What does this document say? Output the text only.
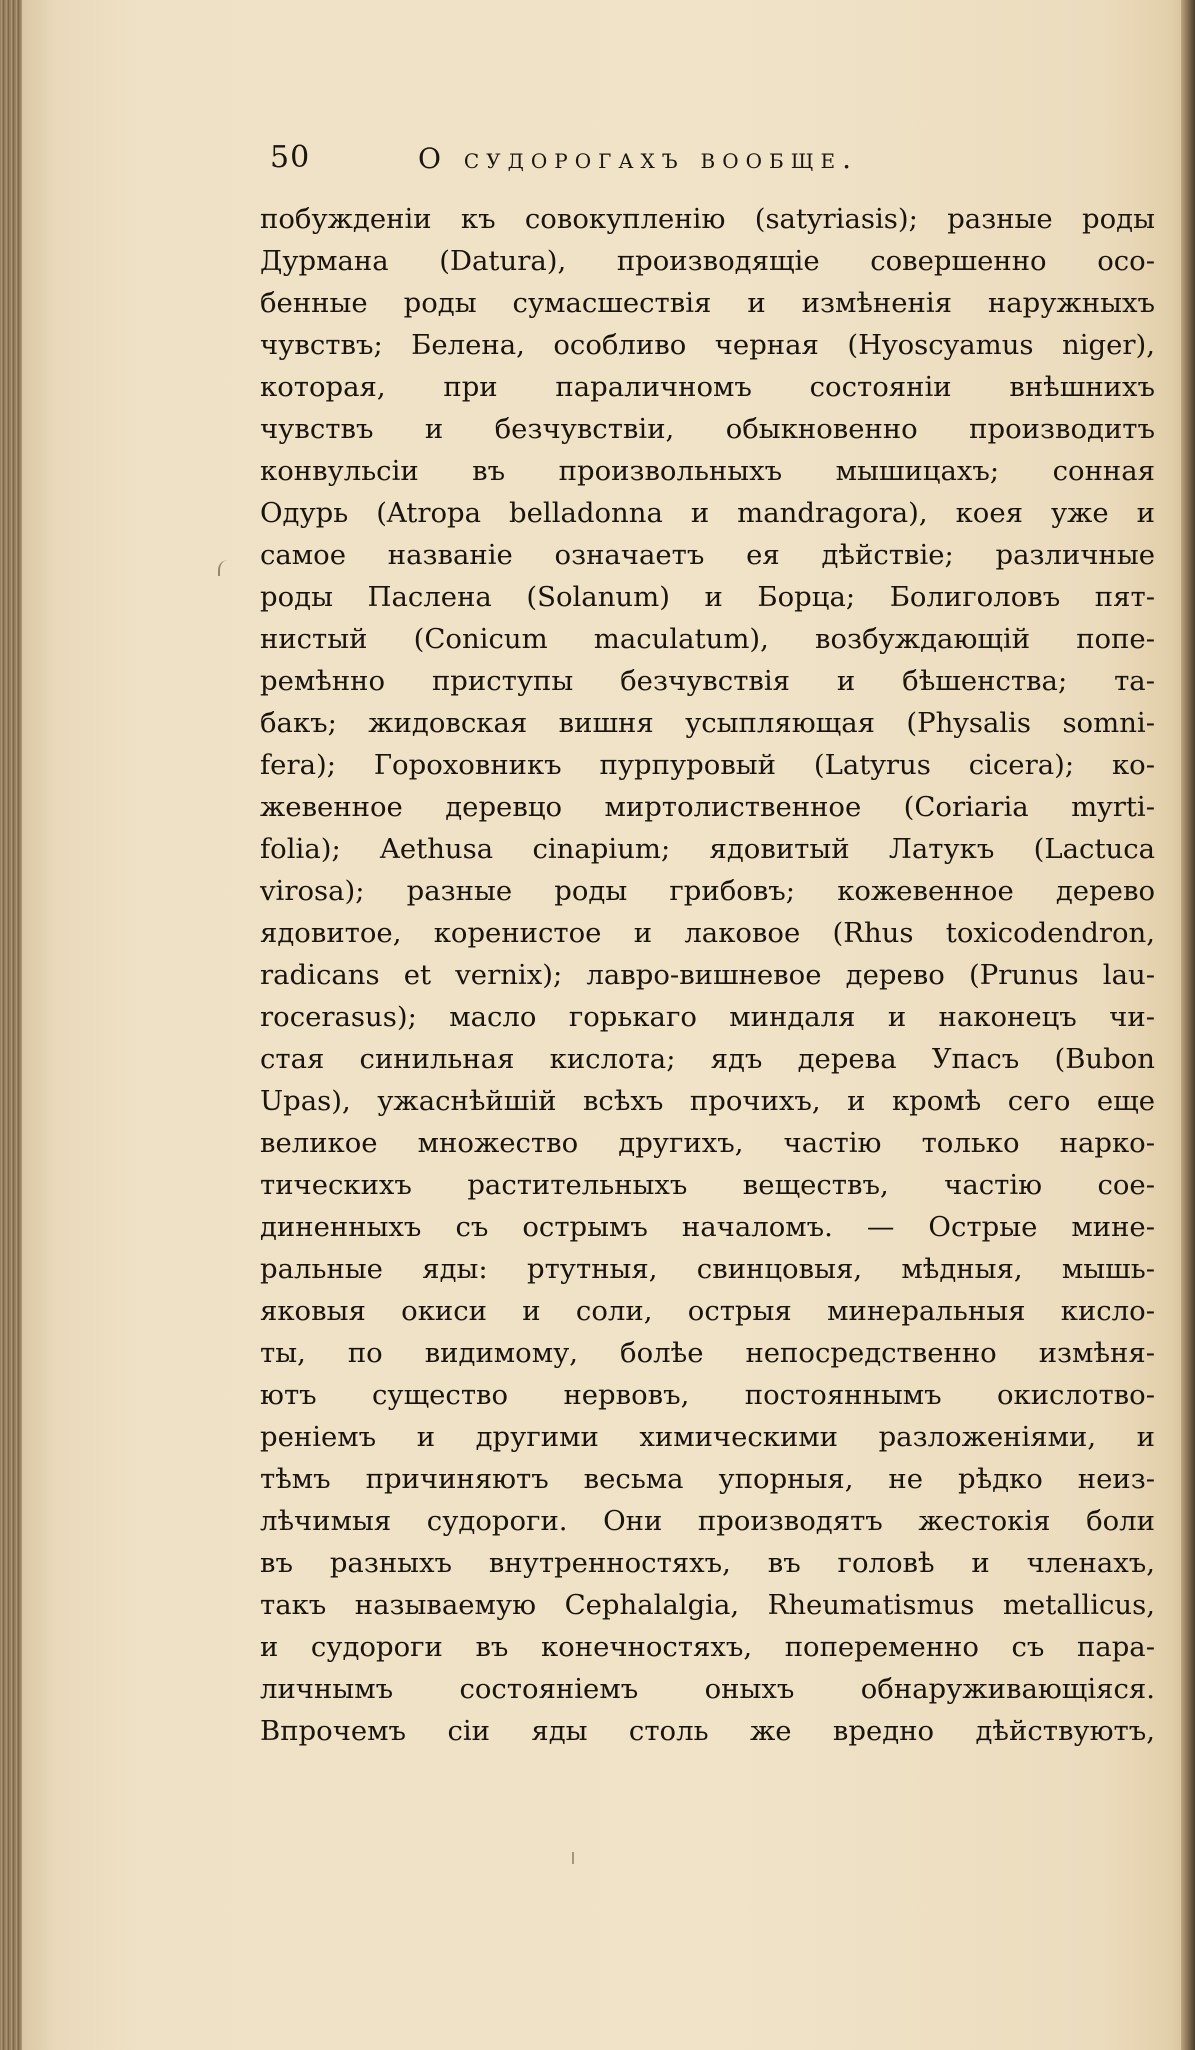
50	О судорогахъ вообще.
побужденіи къ совокупленію (satyriasis); разные роды
Дурмана (Datura), производящіе совершенно осо-
бенные роды сумасшествія и измѣненія наружныхъ
чувствъ; Белена, особливо черная (Hyoscyamus niger),
которая, при параличномъ состояніи внѣшнихъ
чувствъ и безчувствіи, обыкновенно производитъ
конвульсіи въ произвольныхъ мышицахъ; сонная
Одурь (Atropa belladonna и mandragora), коея уже и
самое названіе означаетъ ея дѣйствіе; различные
роды Паслена (Solanum) и Борца; Болиголовъ пят-
нистый (Conicum maculatum), возбуждающій попе-
ремѣнно приступы безчувствія и бѣшенства; та-
бакъ; жидовская вишня усыпляющая (Physalis somni-
fera); Гороховникъ пурпуровый (Latyrus cicera); ко-
жевенное деревцо миртолиственное (Coriaria myrti-
folia); Aethusa cinapium; ядовитый Латукъ (Lactuca
virosa); разные роды грибовъ; кожевенное дерево
ядовитое, коренистое и лаковое (Rhus toxicodendron,
radicans et vernix); лавро-вишневое дерево (Prunus lau-
rocerasus); масло горькаго миндаля и наконецъ чи-
стая синильная кислота; ядъ дерева Упасъ (Bubon
Upas), ужаснѣйшій всѣхъ прочихъ, и кромѣ сего еще
великое множество другихъ, частію только нарко-
тическихъ растительныхъ веществъ, частію сое-
диненныхъ съ острымъ началомъ. — Острые мине-
ральные яды: ртутныя, свинцовыя, мѣдныя, мышь-
яковыя окиси и соли, острыя минеральныя кисло-
ты, по видимому, болѣе непосредственно измѣня-
ютъ существо нервовъ, постояннымъ окислотво-
реніемъ и другими химическими разложеніями, и
тѣмъ причиняютъ весьма упорныя, не рѣдко неиз-
лѣчимыя судороги. Они производятъ жестокія боли
въ разныхъ внутренностяхъ, въ головѣ и членахъ,
такъ называемую Cephalalgia, Rheumatismus metallicus,
и судороги въ конечностяхъ, попеременно съ пара-
личнымъ состояніемъ оныхъ обнаруживающіяся.
Впрочемъ сіи яды столь же вредно дѣйствуютъ,
